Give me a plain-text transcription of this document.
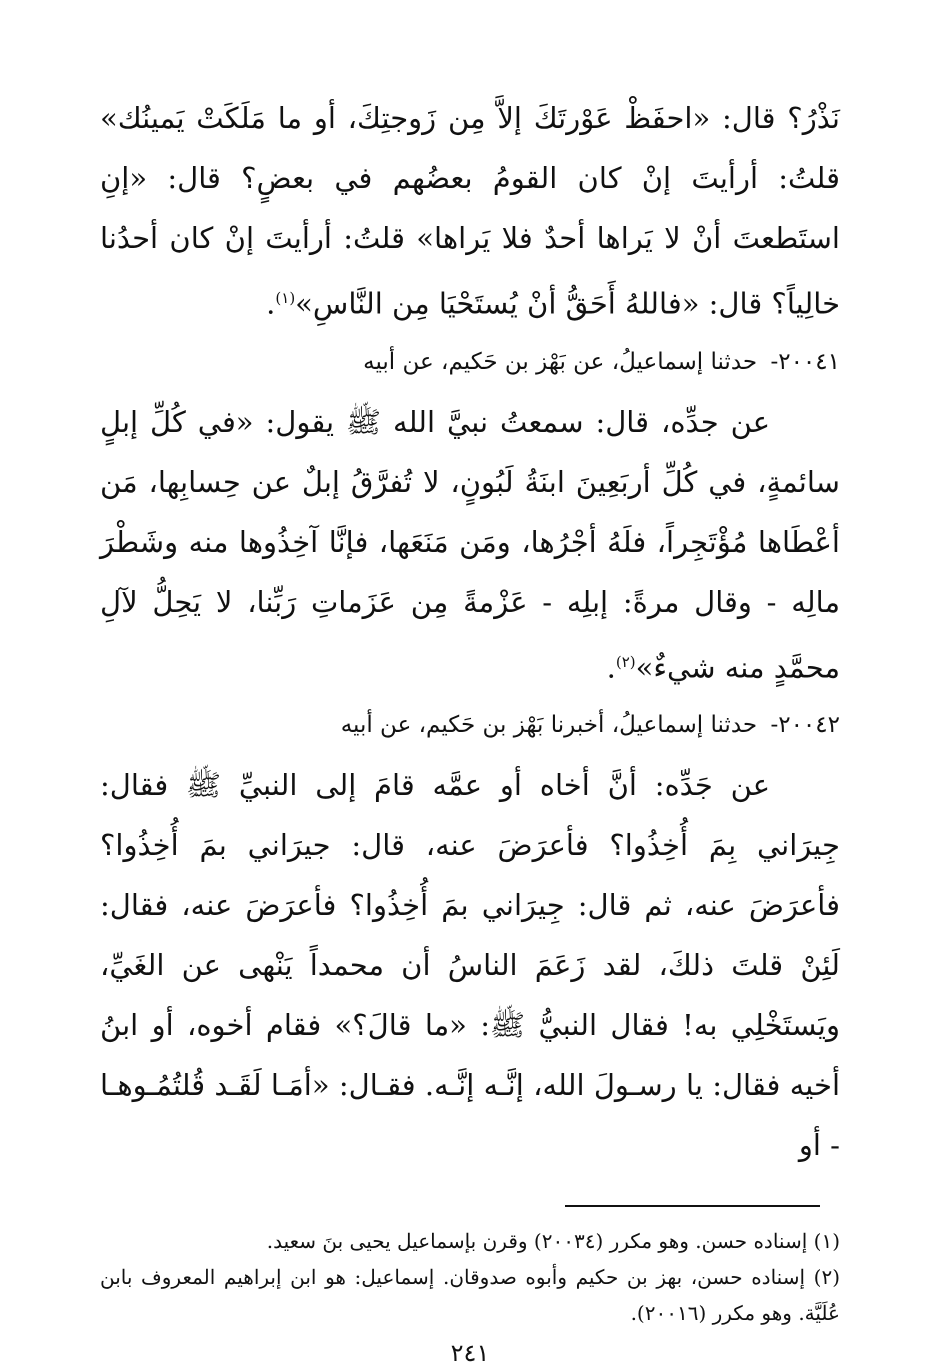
نَذْرُ؟ قال: «احفَظْ عَوْرتَكَ إلاَّ مِن زَوجتِكَ، أو ما مَلَكَتْ يَمينُك» قلتُ: أرأيتَ إنْ كان القومُ بعضُهم في بعضٍ؟ قال: «إنِ استَطعتَ أنْ لا يَراها أحدٌ فلا يَراها» قلتُ: أرأيتَ إنْ كان أحدُنا خالِياً؟ قال: «فاللهُ أَحَقُّ أنْ يُستَحْيَا مِن النَّاسِ»$^{(١)}$.

٢٠٠٤١- حدثنا إسماعيلُ، عن بَهْز بن حَكيم، عن أبيه

عن جدِّه، قال: سمعتُ نبيَّ الله ﷺ يقول: «في كُلِّ إبلٍ سائمةٍ، في كُلِّ أربَعِينَ ابنَةُ لَبُونٍ، لا تُفرَّقُ إبلٌ عن حِسابِها، مَن أعْطَاها مُؤْتَجِراً، فلَهُ أجْرُها، ومَن مَنَعَها، فإنَّا آخِذُوها منه وشَطْرَ مالِه - وقال مرةً: إبلِه - عَزْمةً مِن عَزَماتِ رَبِّنا، لا يَحِلُّ لآلِ محمَّدٍ منه شيءٌ»$^{(٢)}$.

٢٠٠٤٢- حدثنا إسماعيلُ، أخبرنا بَهْز بن حَكيم، عن أبيه

عن جَدِّه: أنَّ أخاه أو عمَّه قامَ إلى النبيِّ ﷺ فقال: جِيرَاني بِمَ أُخِذُوا؟ فأعرَضَ عنه، قال: جيرَاني بمَ أُخِذُوا؟ فأعرَضَ عنه، ثم قال: جِيرَاني بمَ أُخِذُوا؟ فأعرَضَ عنه، فقال: لَئِنْ قلتَ ذلكَ، لقد زَعَمَ الناسُ أن محمداً يَنْهى عن الغَيِّ، ويَستَخْلِي به! فقال النبيُّ ﷺ: «ما قالَ؟» فقام أخوه، أو ابنُ أخيه فقال: يا رسـولَ الله، إنَّـه إنَّـه. فقـال: «أمَـا لَقَـد قُلتُمُـوهـا - أو

(١) إسناده حسن. وهو مكرر (٢٠٠٣٤) وقرن بإسماعيل يحيى بنَ سعيد.

(٢) إسناده حسن، بهز بن حكيم وأبوه صدوقان. إسماعيل: هو ابن إبراهيم المعروف بابن عُلَيَّة. وهو مكرر (٢٠٠١٦).

٢٤١
